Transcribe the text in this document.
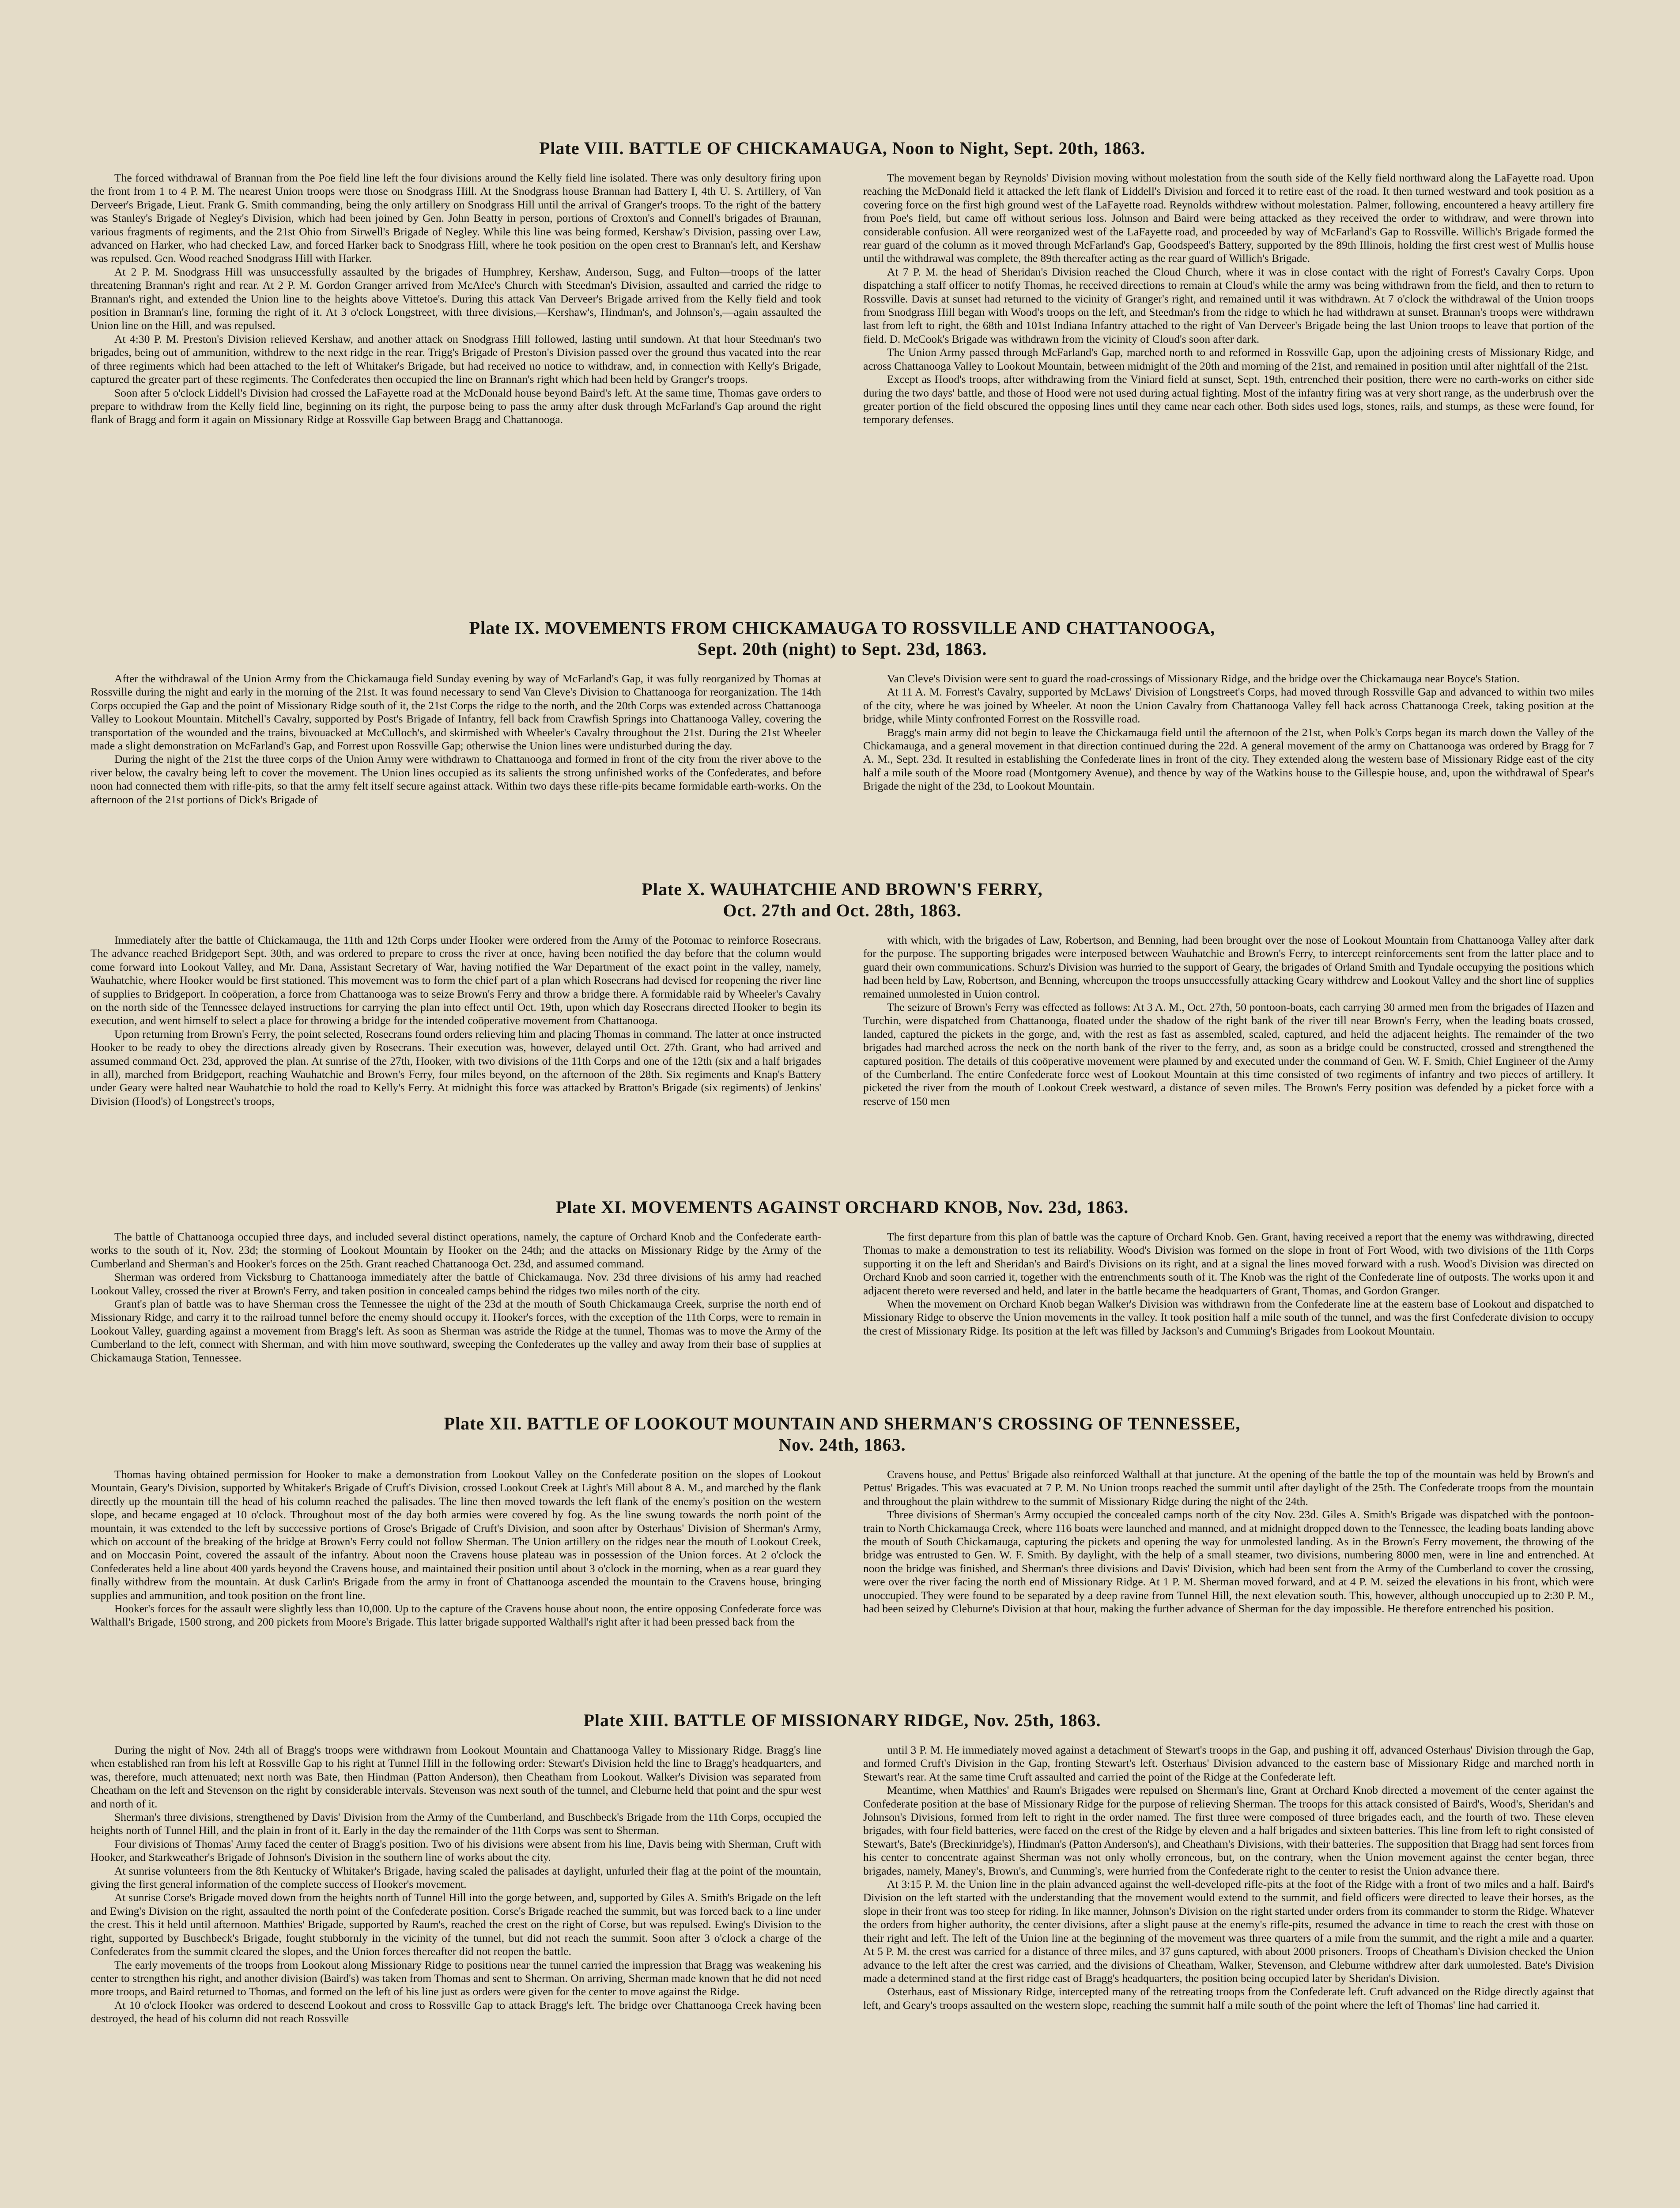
Plate VIII. BATTLE OF CHICKAMAUGA, Noon to Night, Sept. 20th, 1863.

The forced withdrawal of Brannan from the Poe field line left the four divisions around the Kelly field line isolated. There was only desultory firing upon the front from 1 to 4 P. M. The nearest Union troops were those on Snodgrass Hill. At the Snodgrass house Brannan had Battery I, 4th U. S. Artillery, of Van Derveer's Brigade, Lieut. Frank G. Smith commanding, being the only artillery on Snodgrass Hill until the arrival of Granger's troops. To the right of the battery was Stanley's Brigade of Negley's Division, which had been joined by Gen. John Beatty in person, portions of Croxton's and Connell's brigades of Brannan, various fragments of regiments, and the 21st Ohio from Sirwell's Brigade of Negley. While this line was being formed, Kershaw's Division, passing over Law, advanced on Harker, who had checked Law, and forced Harker back to Snodgrass Hill, where he took position on the open crest to Brannan's left, and Kershaw was repulsed. Gen. Wood reached Snodgrass Hill with Harker.

At 2 P. M. Snodgrass Hill was unsuccessfully assaulted by the brigades of Humphrey, Kershaw, Anderson, Sugg, and Fulton—troops of the latter threatening Brannan's right and rear. At 2 P. M. Gordon Granger arrived from McAfee's Church with Steedman's Division, assaulted and carried the ridge to Brannan's right, and extended the Union line to the heights above Vittetoe's. During this attack Van Derveer's Brigade arrived from the Kelly field and took position in Brannan's line, forming the right of it. At 3 o'clock Longstreet, with three divisions,—Kershaw's, Hindman's, and Johnson's,—again assaulted the Union line on the Hill, and was repulsed.

At 4:30 P. M. Preston's Division relieved Kershaw, and another attack on Snodgrass Hill followed, lasting until sundown. At that hour Steedman's two brigades, being out of ammunition, withdrew to the next ridge in the rear. Trigg's Brigade of Preston's Division passed over the ground thus vacated into the rear of three regiments which had been attached to the left of Whitaker's Brigade, but had received no notice to withdraw, and, in connection with Kelly's Brigade, captured the greater part of these regiments. The Confederates then occupied the line on Brannan's right which had been held by Granger's troops.

Soon after 5 o'clock Liddell's Division had crossed the LaFayette road at the McDonald house beyond Baird's left. At the same time, Thomas gave orders to prepare to withdraw from the Kelly field line, beginning on its right, the purpose being to pass the army after dusk through McFarland's Gap around the right flank of Bragg and form it again on Missionary Ridge at Rossville Gap between Bragg and Chattanooga.

The movement began by Reynolds' Division moving without molestation from the south side of the Kelly field northward along the LaFayette road. Upon reaching the McDonald field it attacked the left flank of Liddell's Division and forced it to retire east of the road. It then turned westward and took position as a covering force on the first high ground west of the LaFayette road. Reynolds withdrew without molestation. Palmer, following, encountered a heavy artillery fire from Poe's field, but came off without serious loss. Johnson and Baird were being attacked as they received the order to withdraw, and were thrown into considerable confusion. All were reorganized west of the LaFayette road, and proceeded by way of McFarland's Gap to Rossville. Willich's Brigade formed the rear guard of the column as it moved through McFarland's Gap, Goodspeed's Battery, supported by the 89th Illinois, holding the first crest west of Mullis house until the withdrawal was complete, the 89th thereafter acting as the rear guard of Willich's Brigade.

At 7 P. M. the head of Sheridan's Division reached the Cloud Church, where it was in close contact with the right of Forrest's Cavalry Corps. Upon dispatching a staff officer to notify Thomas, he received directions to remain at Cloud's while the army was being withdrawn from the field, and then to return to Rossville. Davis at sunset had returned to the vicinity of Granger's right, and remained until it was withdrawn. At 7 o'clock the withdrawal of the Union troops from Snodgrass Hill began with Wood's troops on the left, and Steedman's from the ridge to which he had withdrawn at sunset. Brannan's troops were withdrawn last from left to right, the 68th and 101st Indiana Infantry attached to the right of Van Derveer's Brigade being the last Union troops to leave that portion of the field. D. McCook's Brigade was withdrawn from the vicinity of Cloud's soon after dark.

The Union Army passed through McFarland's Gap, marched north to and reformed in Rossville Gap, upon the adjoining crests of Missionary Ridge, and across Chattanooga Valley to Lookout Mountain, between midnight of the 20th and morning of the 21st, and remained in position until after nightfall of the 21st.

Except as Hood's troops, after withdrawing from the Viniard field at sunset, Sept. 19th, entrenched their position, there were no earth-works on either side during the two days' battle, and those of Hood were not used during actual fighting. Most of the infantry firing was at very short range, as the underbrush over the greater portion of the field obscured the opposing lines until they came near each other. Both sides used logs, stones, rails, and stumps, as these were found, for temporary defenses.

Plate IX. MOVEMENTS FROM CHICKAMAUGA TO ROSSVILLE AND CHATTANOOGA,
Sept. 20th (night) to Sept. 23d, 1863.

After the withdrawal of the Union Army from the Chickamauga field Sunday evening by way of McFarland's Gap, it was fully reorganized by Thomas at Rossville during the night and early in the morning of the 21st. It was found necessary to send Van Cleve's Division to Chattanooga for reorganization. The 14th Corps occupied the Gap and the point of Missionary Ridge south of it, the 21st Corps the ridge to the north, and the 20th Corps was extended across Chattanooga Valley to Lookout Mountain. Mitchell's Cavalry, supported by Post's Brigade of Infantry, fell back from Crawfish Springs into Chattanooga Valley, covering the transportation of the wounded and the trains, bivouacked at McCulloch's, and skirmished with Wheeler's Cavalry throughout the 21st. During the 21st Wheeler made a slight demonstration on McFarland's Gap, and Forrest upon Rossville Gap; otherwise the Union lines were undisturbed during the day.

During the night of the 21st the three corps of the Union Army were withdrawn to Chattanooga and formed in front of the city from the river above to the river below, the cavalry being left to cover the movement. The Union lines occupied as its salients the strong unfinished works of the Confederates, and before noon had connected them with rifle-pits, so that the army felt itself secure against attack. Within two days these rifle-pits became formidable earth-works. On the afternoon of the 21st portions of Dick's Brigade of

Van Cleve's Division were sent to guard the road-crossings of Missionary Ridge, and the bridge over the Chickamauga near Boyce's Station.

At 11 A. M. Forrest's Cavalry, supported by McLaws' Division of Longstreet's Corps, had moved through Rossville Gap and advanced to within two miles of the city, where he was joined by Wheeler. At noon the Union Cavalry from Chattanooga Valley fell back across Chattanooga Creek, taking position at the bridge, while Minty confronted Forrest on the Rossville road.

Bragg's main army did not begin to leave the Chickamauga field until the afternoon of the 21st, when Polk's Corps began its march down the Valley of the Chickamauga, and a general movement in that direction continued during the 22d. A general movement of the army on Chattanooga was ordered by Bragg for 7 A. M., Sept. 23d. It resulted in establishing the Confederate lines in front of the city. They extended along the western base of Missionary Ridge east of the city half a mile south of the Moore road (Montgomery Avenue), and thence by way of the Watkins house to the Gillespie house, and, upon the withdrawal of Spear's Brigade the night of the 23d, to Lookout Mountain.

Plate X. WAUHATCHIE AND BROWN'S FERRY,
Oct. 27th and Oct. 28th, 1863.

Immediately after the battle of Chickamauga, the 11th and 12th Corps under Hooker were ordered from the Army of the Potomac to reinforce Rosecrans. The advance reached Bridgeport Sept. 30th, and was ordered to prepare to cross the river at once, having been notified the day before that the column would come forward into Lookout Valley, and Mr. Dana, Assistant Secretary of War, having notified the War Department of the exact point in the valley, namely, Wauhatchie, where Hooker would be first stationed. This movement was to form the chief part of a plan which Rosecrans had devised for reopening the river line of supplies to Bridgeport. In coöperation, a force from Chattanooga was to seize Brown's Ferry and throw a bridge there. A formidable raid by Wheeler's Cavalry on the north side of the Tennessee delayed instructions for carrying the plan into effect until Oct. 19th, upon which day Rosecrans directed Hooker to begin its execution, and went himself to select a place for throwing a bridge for the intended coöperative movement from Chattanooga.

Upon returning from Brown's Ferry, the point selected, Rosecrans found orders relieving him and placing Thomas in command. The latter at once instructed Hooker to be ready to obey the directions already given by Rosecrans. Their execution was, however, delayed until Oct. 27th. Grant, who had arrived and assumed command Oct. 23d, approved the plan. At sunrise of the 27th, Hooker, with two divisions of the 11th Corps and one of the 12th (six and a half brigades in all), marched from Bridgeport, reaching Wauhatchie and Brown's Ferry, four miles beyond, on the afternoon of the 28th. Six regiments and Knap's Battery under Geary were halted near Wauhatchie to hold the road to Kelly's Ferry. At midnight this force was attacked by Bratton's Brigade (six regiments) of Jenkins' Division (Hood's) of Longstreet's troops,

with which, with the brigades of Law, Robertson, and Benning, had been brought over the nose of Lookout Mountain from Chattanooga Valley after dark for the purpose. The supporting brigades were interposed between Wauhatchie and Brown's Ferry, to intercept reinforcements sent from the latter place and to guard their own communications. Schurz's Division was hurried to the support of Geary, the brigades of Orland Smith and Tyndale occupying the positions which had been held by Law, Robertson, and Benning, whereupon the troops unsuccessfully attacking Geary withdrew and Lookout Valley and the short line of supplies remained unmolested in Union control.

The seizure of Brown's Ferry was effected as follows: At 3 A. M., Oct. 27th, 50 pontoon-boats, each carrying 30 armed men from the brigades of Hazen and Turchin, were dispatched from Chattanooga, floated under the shadow of the right bank of the river till near Brown's Ferry, when the leading boats crossed, landed, captured the pickets in the gorge, and, with the rest as fast as assembled, scaled, captured, and held the adjacent heights. The remainder of the two brigades had marched across the neck on the north bank of the river to the ferry, and, as soon as a bridge could be constructed, crossed and strengthened the captured position. The details of this coöperative movement were planned by and executed under the command of Gen. W. F. Smith, Chief Engineer of the Army of the Cumberland. The entire Confederate force west of Lookout Mountain at this time consisted of two regiments of infantry and two pieces of artillery. It picketed the river from the mouth of Lookout Creek westward, a distance of seven miles. The Brown's Ferry position was defended by a picket force with a reserve of 150 men

Plate XI. MOVEMENTS AGAINST ORCHARD KNOB, Nov. 23d, 1863.

The battle of Chattanooga occupied three days, and included several distinct operations, namely, the capture of Orchard Knob and the Confederate earth-works to the south of it, Nov. 23d; the storming of Lookout Mountain by Hooker on the 24th; and the attacks on Missionary Ridge by the Army of the Cumberland and Sherman's and Hooker's forces on the 25th. Grant reached Chattanooga Oct. 23d, and assumed command.

Sherman was ordered from Vicksburg to Chattanooga immediately after the battle of Chickamauga. Nov. 23d three divisions of his army had reached Lookout Valley, crossed the river at Brown's Ferry, and taken position in concealed camps behind the ridges two miles north of the city.

Grant's plan of battle was to have Sherman cross the Tennessee the night of the 23d at the mouth of South Chickamauga Creek, surprise the north end of Missionary Ridge, and carry it to the railroad tunnel before the enemy should occupy it. Hooker's forces, with the exception of the 11th Corps, were to remain in Lookout Valley, guarding against a movement from Bragg's left. As soon as Sherman was astride the Ridge at the tunnel, Thomas was to move the Army of the Cumberland to the left, connect with Sherman, and with him move southward, sweeping the Confederates up the valley and away from their base of supplies at Chickamauga Station, Tennessee.

The first departure from this plan of battle was the capture of Orchard Knob. Gen. Grant, having received a report that the enemy was withdrawing, directed Thomas to make a demonstration to test its reliability. Wood's Division was formed on the slope in front of Fort Wood, with two divisions of the 11th Corps supporting it on the left and Sheridan's and Baird's Divisions on its right, and at a signal the lines moved forward with a rush. Wood's Division was directed on Orchard Knob and soon carried it, together with the entrenchments south of it. The Knob was the right of the Confederate line of outposts. The works upon it and adjacent thereto were reversed and held, and later in the battle became the headquarters of Grant, Thomas, and Gordon Granger.

When the movement on Orchard Knob began Walker's Division was withdrawn from the Confederate line at the eastern base of Lookout and dispatched to Missionary Ridge to observe the Union movements in the valley. It took position half a mile south of the tunnel, and was the first Confederate division to occupy the crest of Missionary Ridge. Its position at the left was filled by Jackson's and Cumming's Brigades from Lookout Mountain.

Plate XII. BATTLE OF LOOKOUT MOUNTAIN AND SHERMAN'S CROSSING OF TENNESSEE,
Nov. 24th, 1863.

Thomas having obtained permission for Hooker to make a demonstration from Lookout Valley on the Confederate position on the slopes of Lookout Mountain, Geary's Division, supported by Whitaker's Brigade of Cruft's Division, crossed Lookout Creek at Light's Mill about 8 A. M., and marched by the flank directly up the mountain till the head of his column reached the palisades. The line then moved towards the left flank of the enemy's position on the western slope, and became engaged at 10 o'clock. Throughout most of the day both armies were covered by fog. As the line swung towards the north point of the mountain, it was extended to the left by successive portions of Grose's Brigade of Cruft's Division, and soon after by Osterhaus' Division of Sherman's Army, which on account of the breaking of the bridge at Brown's Ferry could not follow Sherman. The Union artillery on the ridges near the mouth of Lookout Creek, and on Moccasin Point, covered the assault of the infantry. About noon the Cravens house plateau was in possession of the Union forces. At 2 o'clock the Confederates held a line about 400 yards beyond the Cravens house, and maintained their position until about 3 o'clock in the morning, when as a rear guard they finally withdrew from the mountain. At dusk Carlin's Brigade from the army in front of Chattanooga ascended the mountain to the Cravens house, bringing supplies and ammunition, and took position on the front line.

Hooker's forces for the assault were slightly less than 10,000. Up to the capture of the Cravens house about noon, the entire opposing Confederate force was Walthall's Brigade, 1500 strong, and 200 pickets from Moore's Brigade. This latter brigade supported Walthall's right after it had been pressed back from the

Cravens house, and Pettus' Brigade also reinforced Walthall at that juncture. At the opening of the battle the top of the mountain was held by Brown's and Pettus' Brigades. This was evacuated at 7 P. M. No Union troops reached the summit until after daylight of the 25th. The Confederate troops from the mountain and throughout the plain withdrew to the summit of Missionary Ridge during the night of the 24th.

Three divisions of Sherman's Army occupied the concealed camps north of the city Nov. 23d. Giles A. Smith's Brigade was dispatched with the pontoon-train to North Chickamauga Creek, where 116 boats were launched and manned, and at midnight dropped down to the Tennessee, the leading boats landing above the mouth of South Chickamauga, capturing the pickets and opening the way for unmolested landing. As in the Brown's Ferry movement, the throwing of the bridge was entrusted to Gen. W. F. Smith. By daylight, with the help of a small steamer, two divisions, numbering 8000 men, were in line and entrenched. At noon the bridge was finished, and Sherman's three divisions and Davis' Division, which had been sent from the Army of the Cumberland to cover the crossing, were over the river facing the north end of Missionary Ridge. At 1 P. M. Sherman moved forward, and at 4 P. M. seized the elevations in his front, which were unoccupied. They were found to be separated by a deep ravine from Tunnel Hill, the next elevation south. This, however, although unoccupied up to 2:30 P. M., had been seized by Cleburne's Division at that hour, making the further advance of Sherman for the day impossible. He therefore entrenched his position.

Plate XIII. BATTLE OF MISSIONARY RIDGE, Nov. 25th, 1863.

During the night of Nov. 24th all of Bragg's troops were withdrawn from Lookout Mountain and Chattanooga Valley to Missionary Ridge. Bragg's line when established ran from his left at Rossville Gap to his right at Tunnel Hill in the following order: Stewart's Division held the line to Bragg's headquarters, and was, therefore, much attenuated; next north was Bate, then Hindman (Patton Anderson), then Cheatham from Lookout. Walker's Division was separated from Cheatham on the left and Stevenson on the right by considerable intervals. Stevenson was next south of the tunnel, and Cleburne held that point and the spur west and north of it.

Sherman's three divisions, strengthened by Davis' Division from the Army of the Cumberland, and Buschbeck's Brigade from the 11th Corps, occupied the heights north of Tunnel Hill, and the plain in front of it. Early in the day the remainder of the 11th Corps was sent to Sherman.

Four divisions of Thomas' Army faced the center of Bragg's position. Two of his divisions were absent from his line, Davis being with Sherman, Cruft with Hooker, and Starkweather's Brigade of Johnson's Division in the southern line of works about the city.

At sunrise volunteers from the 8th Kentucky of Whitaker's Brigade, having scaled the palisades at daylight, unfurled their flag at the point of the mountain, giving the first general information of the complete success of Hooker's movement.

At sunrise Corse's Brigade moved down from the heights north of Tunnel Hill into the gorge between, and, supported by Giles A. Smith's Brigade on the left and Ewing's Division on the right, assaulted the north point of the Confederate position. Corse's Brigade reached the summit, but was forced back to a line under the crest. This it held until afternoon. Matthies' Brigade, supported by Raum's, reached the crest on the right of Corse, but was repulsed. Ewing's Division to the right, supported by Buschbeck's Brigade, fought stubbornly in the vicinity of the tunnel, but did not reach the summit. Soon after 3 o'clock a charge of the Confederates from the summit cleared the slopes, and the Union forces thereafter did not reopen the battle.

The early movements of the troops from Lookout along Missionary Ridge to positions near the tunnel carried the impression that Bragg was weakening his center to strengthen his right, and another division (Baird's) was taken from Thomas and sent to Sherman. On arriving, Sherman made known that he did not need more troops, and Baird returned to Thomas, and formed on the left of his line just as orders were given for the center to move against the Ridge.

At 10 o'clock Hooker was ordered to descend Lookout and cross to Rossville Gap to attack Bragg's left. The bridge over Chattanooga Creek having been destroyed, the head of his column did not reach Rossville

until 3 P. M. He immediately moved against a detachment of Stewart's troops in the Gap, and pushing it off, advanced Osterhaus' Division through the Gap, and formed Cruft's Division in the Gap, fronting Stewart's left. Osterhaus' Division advanced to the eastern base of Missionary Ridge and marched north in Stewart's rear. At the same time Cruft assaulted and carried the point of the Ridge at the Confederate left.

Meantime, when Matthies' and Raum's Brigades were repulsed on Sherman's line, Grant at Orchard Knob directed a movement of the center against the Confederate position at the base of Missionary Ridge for the purpose of relieving Sherman. The troops for this attack consisted of Baird's, Wood's, Sheridan's and Johnson's Divisions, formed from left to right in the order named. The first three were composed of three brigades each, and the fourth of two. These eleven brigades, with four field batteries, were faced on the crest of the Ridge by eleven and a half brigades and sixteen batteries. This line from left to right consisted of Stewart's, Bate's (Breckinridge's), Hindman's (Patton Anderson's), and Cheatham's Divisions, with their batteries. The supposition that Bragg had sent forces from his center to concentrate against Sherman was not only wholly erroneous, but, on the contrary, when the Union movement against the center began, three brigades, namely, Maney's, Brown's, and Cumming's, were hurried from the Confederate right to the center to resist the Union advance there.

At 3:15 P. M. the Union line in the plain advanced against the well-developed rifle-pits at the foot of the Ridge with a front of two miles and a half. Baird's Division on the left started with the understanding that the movement would extend to the summit, and field officers were directed to leave their horses, as the slope in their front was too steep for riding. In like manner, Johnson's Division on the right started under orders from its commander to storm the Ridge. Whatever the orders from higher authority, the center divisions, after a slight pause at the enemy's rifle-pits, resumed the advance in time to reach the crest with those on their right and left. The left of the Union line at the beginning of the movement was three quarters of a mile from the summit, and the right a mile and a quarter. At 5 P. M. the crest was carried for a distance of three miles, and 37 guns captured, with about 2000 prisoners. Troops of Cheatham's Division checked the Union advance to the left after the crest was carried, and the divisions of Cheatham, Walker, Stevenson, and Cleburne withdrew after dark unmolested. Bate's Division made a determined stand at the first ridge east of Bragg's headquarters, the position being occupied later by Sheridan's Division.

Osterhaus, east of Missionary Ridge, intercepted many of the retreating troops from the Confederate left. Cruft advanced on the Ridge directly against that left, and Geary's troops assaulted on the western slope, reaching the summit half a mile south of the point where the left of Thomas' line had carried it.
